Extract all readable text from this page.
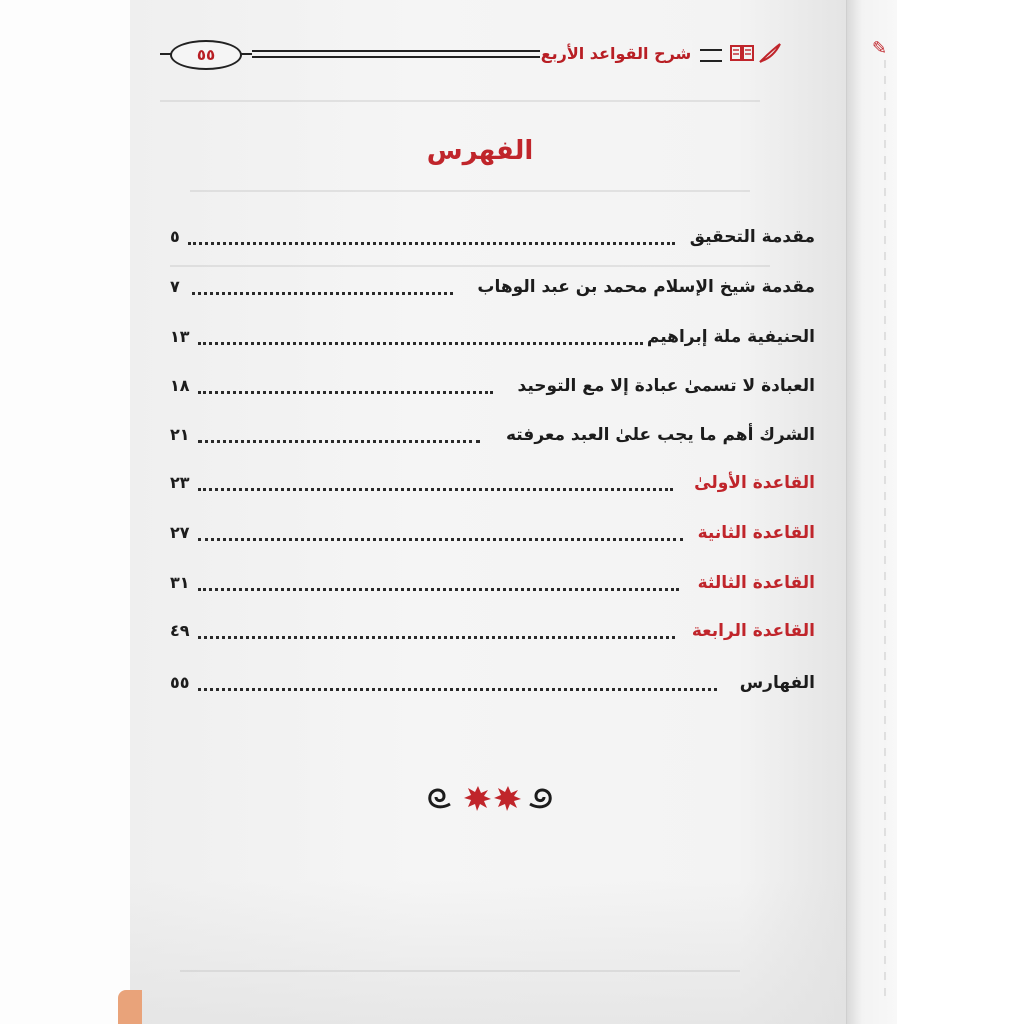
✎
٥٥	شرح القواعد الأربع
الفهرس
٥	مقدمة التحقيق
٧	مقدمة شيخ الإسلام محمد بن عبد الوهاب
١٣	الحنيفية ملة إبراهيم
١٨	العبادة لا تسمىٰ عبادة إلا مع التوحيد
٢١	الشرك أهم ما يجب علىٰ العبد معرفته
٢٣	القاعدة الأولىٰ
٢٧	القاعدة الثانية
٣١	القاعدة الثالثة
٤٩	القاعدة الرابعة
٥٥	الفهارس
